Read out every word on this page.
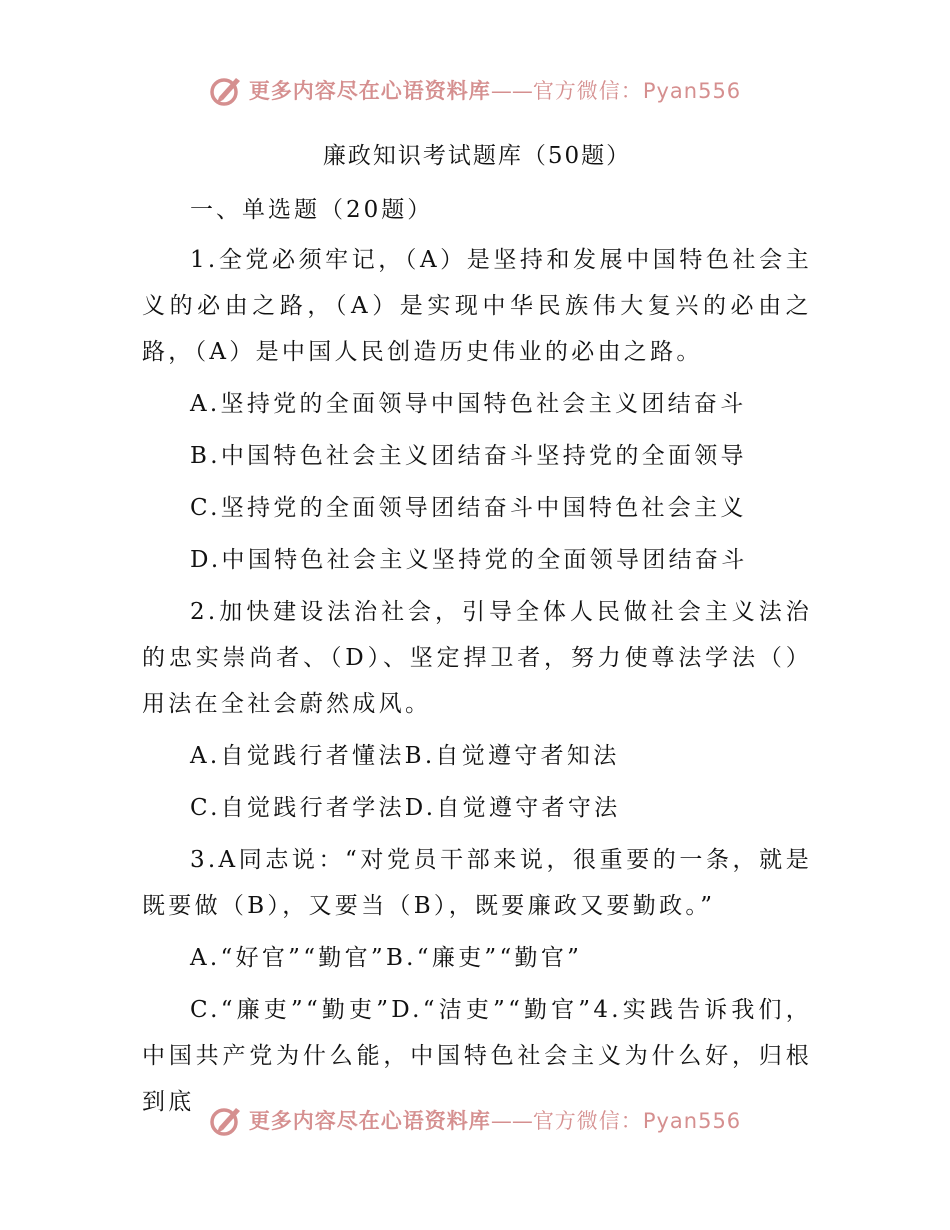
更多内容尽在心语资料库——官方微信：Pyan556
廉政知识考试题库（50题）
一、单选题（20题）
1.全党必须牢记，（A）是坚持和发展中国特色社会主义的必由之路，（A）是实现中华民族伟大复兴的必由之路，（A）是中国人民创造历史伟业的必由之路。
A.坚持党的全面领导中国特色社会主义团结奋斗
B.中国特色社会主义团结奋斗坚持党的全面领导
C.坚持党的全面领导团结奋斗中国特色社会主义
D.中国特色社会主义坚持党的全面领导团结奋斗
2.加快建设法治社会，引导全体人民做社会主义法治的忠实崇尚者、（D）、坚定捍卫者，努力使尊法学法（）用法在全社会蔚然成风。
A.自觉践行者懂法B.自觉遵守者知法
C.自觉践行者学法D.自觉遵守者守法
3.A同志说：“对党员干部来说，很重要的一条，就是既要做（B），又要当（B），既要廉政又要勤政。”
A.“好官”“勤官”B.“廉吏”“勤官”
C.“廉吏”“勤吏”D.“洁吏”“勤官”4.实践告诉我们，中国共产党为什么能，中国特色社会主义为什么好，归根到底
更多内容尽在心语资料库——官方微信：Pyan556
